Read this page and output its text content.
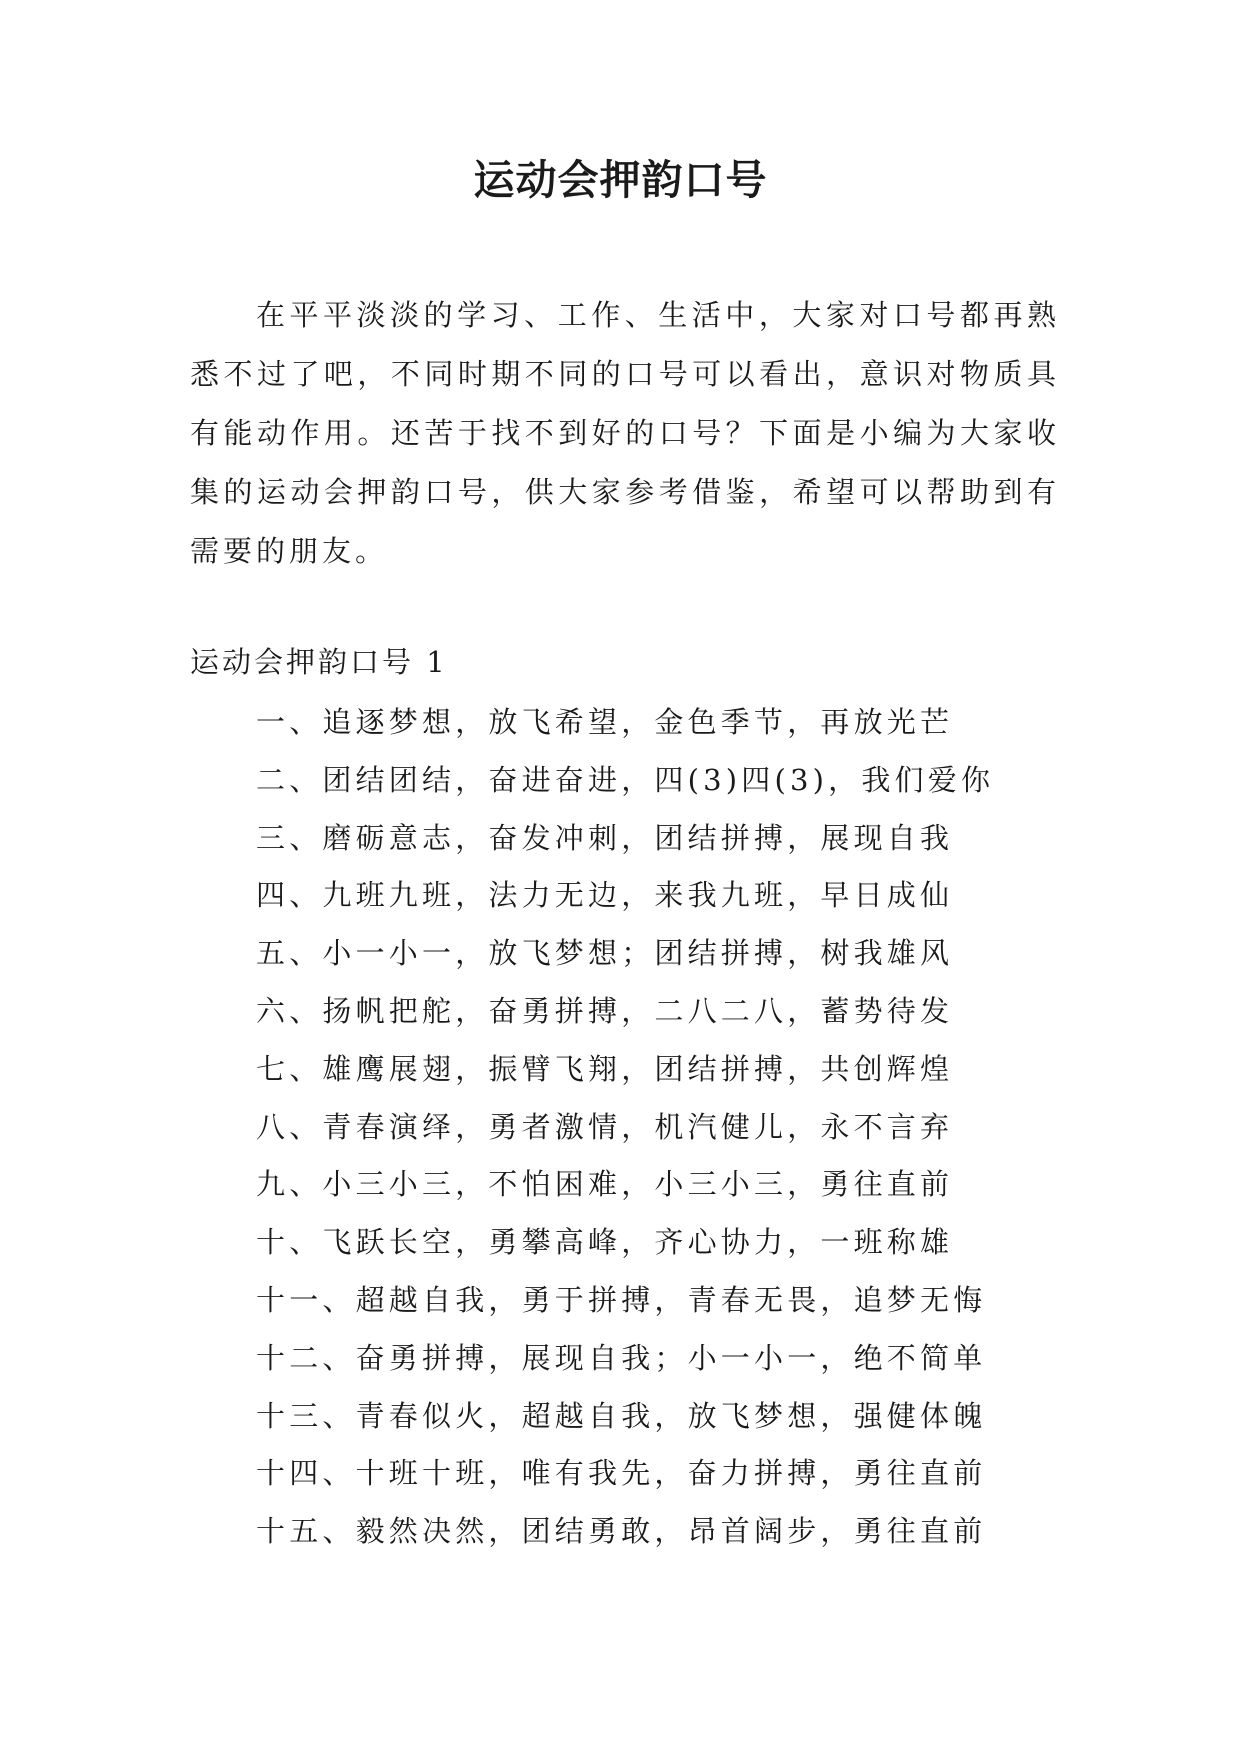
运动会押韵口号

在平平淡淡的学习、工作、生活中，大家对口号都再熟悉不过了吧，不同时期不同的口号可以看出，意识对物质具有能动作用。还苦于找不到好的口号？下面是小编为大家收集的运动会押韵口号，供大家参考借鉴，希望可以帮助到有需要的朋友。

运动会押韵口号 1

一、追逐梦想，放飞希望，金色季节，再放光芒
二、团结团结，奋进奋进，四(3)四(3)，我们爱你
三、磨砺意志，奋发冲刺，团结拼搏，展现自我
四、九班九班，法力无边，来我九班，早日成仙
五、小一小一，放飞梦想；团结拼搏，树我雄风
六、扬帆把舵，奋勇拼搏，二八二八，蓄势待发
七、雄鹰展翅，振臂飞翔，团结拼搏，共创辉煌
八、青春演绎，勇者激情，机汽健儿，永不言弃
九、小三小三，不怕困难，小三小三，勇往直前
十、飞跃长空，勇攀高峰，齐心协力，一班称雄
十一、超越自我，勇于拼搏，青春无畏，追梦无悔
十二、奋勇拼搏，展现自我；小一小一，绝不简单
十三、青春似火，超越自我，放飞梦想，强健体魄
十四、十班十班，唯有我先，奋力拼搏，勇往直前
十五、毅然决然，团结勇敢，昂首阔步，勇往直前
